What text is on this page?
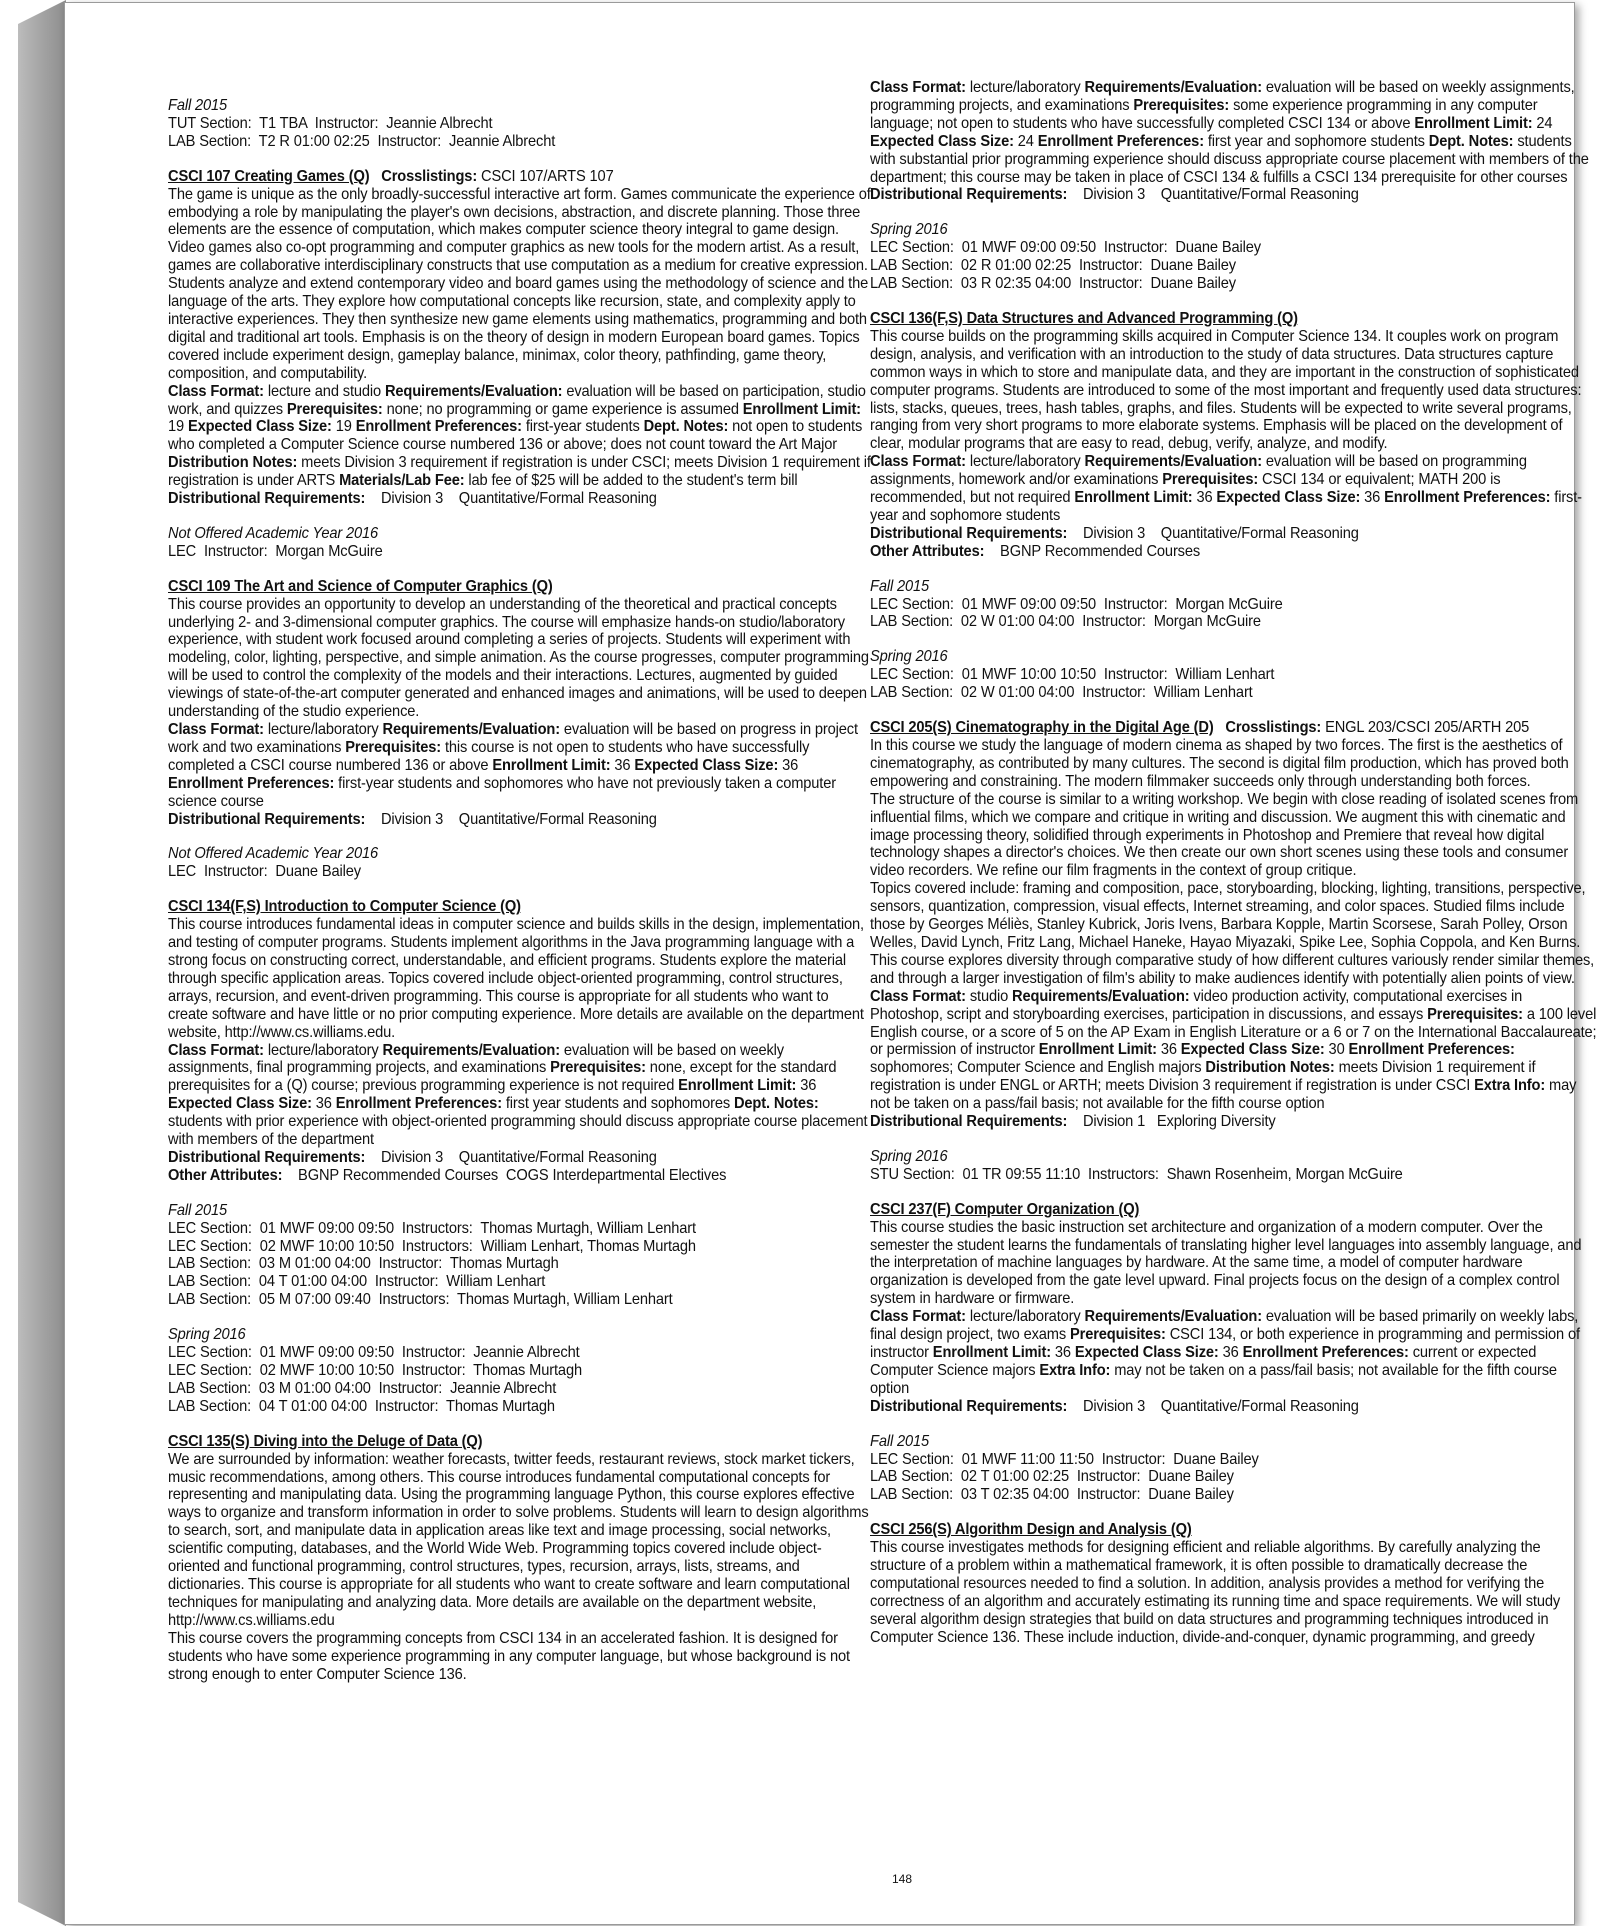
Fall 2015
TUT Section:  T1 TBA  Instructor:  Jeannie Albrecht
LAB Section:  T2 R 01:00 02:25  Instructor:  Jeannie Albrecht
CSCI 107 Creating Games (Q) Crosslistings: CSCI 107/ARTS 107

The game is unique as the only broadly-successful interactive art form. Games communicate the experience of embodying a role by manipulating the player's own decisions, abstraction, and discrete planning. Those three elements are the essence of computation, which makes computer science theory integral to game design. Video games also co-opt programming and computer graphics as new tools for the modern artist. As a result, games are collaborative interdisciplinary constructs that use computation as a medium for creative expression. Students analyze and extend contemporary video and board games using the methodology of science and the language of the arts. They explore how computational concepts like recursion, state, and complexity apply to interactive experiences. They then synthesize new game elements using mathematics, programming and both digital and traditional art tools. Emphasis is on the theory of design in modern European board games. Topics covered include experiment design, gameplay balance, minimax, color theory, pathfinding, game theory, composition, and computability.

Class Format: lecture and studio Requirements/Evaluation: evaluation will be based on participation, studio work, and quizzes Prerequisites: none; no programming or game experience is assumed Enrollment Limit: 19 Expected Class Size: 19 Enrollment Preferences: first-year students Dept. Notes: not open to students who completed a Computer Science course numbered 136 or above; does not count toward the Art Major Distribution Notes: meets Division 3 requirement if registration is under CSCI; meets Division 1 requirement if registration is under ARTS Materials/Lab Fee: lab fee of $25 will be added to the student's term bill
Distributional Requirements:    Division 3    Quantitative/Formal Reasoning
Not Offered Academic Year 2016
LEC  Instructor:  Morgan McGuire
CSCI 109 The Art and Science of Computer Graphics (Q)

This course provides an opportunity to develop an understanding of the theoretical and practical concepts underlying 2- and 3-dimensional computer graphics. The course will emphasize hands-on studio/laboratory experience, with student work focused around completing a series of projects. Students will experiment with modeling, color, lighting, perspective, and simple animation. As the course progresses, computer programming will be used to control the complexity of the models and their interactions. Lectures, augmented by guided viewings of state-of-the-art computer generated and enhanced images and animations, will be used to deepen understanding of the studio experience.

Class Format: lecture/laboratory Requirements/Evaluation: evaluation will be based on progress in project work and two examinations Prerequisites: this course is not open to students who have successfully completed a CSCI course numbered 136 or above Enrollment Limit: 36 Expected Class Size: 36 Enrollment Preferences: first-year students and sophomores who have not previously taken a computer science course
Distributional Requirements:    Division 3    Quantitative/Formal Reasoning
Not Offered Academic Year 2016
LEC  Instructor:  Duane Bailey
CSCI 134(F,S) Introduction to Computer Science (Q)

This course introduces fundamental ideas in computer science and builds skills in the design, implementation, and testing of computer programs. Students implement algorithms in the Java programming language with a strong focus on constructing correct, understandable, and efficient programs. Students explore the material through specific application areas. Topics covered include object-oriented programming, control structures, arrays, recursion, and event-driven programming. This course is appropriate for all students who want to create software and have little or no prior computing experience. More details are available on the department website, http://www.cs.williams.edu.

Class Format: lecture/laboratory Requirements/Evaluation: evaluation will be based on weekly assignments, final programming projects, and examinations Prerequisites: none, except for the standard prerequisites for a (Q) course; previous programming experience is not required Enrollment Limit: 36 Expected Class Size: 36 Enrollment Preferences: first year students and sophomores Dept. Notes: students with prior experience with object-oriented programming should discuss appropriate course placement with members of the department
Distributional Requirements:    Division 3    Quantitative/Formal Reasoning
Other Attributes:    BGNP Recommended Courses  COGS Interdepartmental Electives
Fall 2015
LEC Section:  01 MWF 09:00 09:50  Instructors:  Thomas Murtagh, William Lenhart
LEC Section:  02 MWF 10:00 10:50  Instructors:  William Lenhart, Thomas Murtagh
LAB Section:  03 M 01:00 04:00  Instructor:  Thomas Murtagh
LAB Section:  04 T 01:00 04:00  Instructor:  William Lenhart
LAB Section:  05 M 07:00 09:40  Instructors:  Thomas Murtagh, William Lenhart
Spring 2016
LEC Section:  01 MWF 09:00 09:50  Instructor:  Jeannie Albrecht
LEC Section:  02 MWF 10:00 10:50  Instructor:  Thomas Murtagh
LAB Section:  03 M 01:00 04:00  Instructor:  Jeannie Albrecht
LAB Section:  04 T 01:00 04:00  Instructor:  Thomas Murtagh
CSCI 135(S) Diving into the Deluge of Data (Q)

We are surrounded by information: weather forecasts, twitter feeds, restaurant reviews, stock market tickers, music recommendations, among others. This course introduces fundamental computational concepts for representing and manipulating data. Using the programming language Python, this course explores effective ways to organize and transform information in order to solve problems. Students will learn to design algorithms to search, sort, and manipulate data in application areas like text and image processing, social networks, scientific computing, databases, and the World Wide Web. Programming topics covered include object-oriented and functional programming, control structures, types, recursion, arrays, lists, streams, and dictionaries. This course is appropriate for all students who want to create software and learn computational techniques for manipulating and analyzing data. More details are available on the department website, http://www.cs.williams.edu

This course covers the programming concepts from CSCI 134 in an accelerated fashion. It is designed for students who have some experience programming in any computer language, but whose background is not strong enough to enter Computer Science 136.

Class Format: lecture/laboratory Requirements/Evaluation: evaluation will be based on weekly assignments, programming projects, and examinations Prerequisites: some experience programming in any computer language; not open to students who have successfully completed CSCI 134 or above Enrollment Limit: 24 Expected Class Size: 24 Enrollment Preferences: first year and sophomore students Dept. Notes: students with substantial prior programming experience should discuss appropriate course placement with members of the department; this course may be taken in place of CSCI 134 & fulfills a CSCI 134 prerequisite for other courses
Distributional Requirements:    Division 3    Quantitative/Formal Reasoning
Spring 2016
LEC Section:  01 MWF 09:00 09:50  Instructor:  Duane Bailey
LAB Section:  02 R 01:00 02:25  Instructor:  Duane Bailey
LAB Section:  03 R 02:35 04:00  Instructor:  Duane Bailey
CSCI 136(F,S) Data Structures and Advanced Programming (Q)

This course builds on the programming skills acquired in Computer Science 134. It couples work on program design, analysis, and verification with an introduction to the study of data structures. Data structures capture common ways in which to store and manipulate data, and they are important in the construction of sophisticated computer programs. Students are introduced to some of the most important and frequently used data structures: lists, stacks, queues, trees, hash tables, graphs, and files. Students will be expected to write several programs, ranging from very short programs to more elaborate systems. Emphasis will be placed on the development of clear, modular programs that are easy to read, debug, verify, analyze, and modify.

Class Format: lecture/laboratory Requirements/Evaluation: evaluation will be based on programming assignments, homework and/or examinations Prerequisites: CSCI 134 or equivalent; MATH 200 is recommended, but not required Enrollment Limit: 36 Expected Class Size: 36 Enrollment Preferences: first-year and sophomore students
Distributional Requirements:    Division 3    Quantitative/Formal Reasoning
Other Attributes:    BGNP Recommended Courses
Fall 2015
LEC Section:  01 MWF 09:00 09:50  Instructor:  Morgan McGuire
LAB Section:  02 W 01:00 04:00  Instructor:  Morgan McGuire
Spring 2016
LEC Section:  01 MWF 10:00 10:50  Instructor:  William Lenhart
LAB Section:  02 W 01:00 04:00  Instructor:  William Lenhart
CSCI 205(S) Cinematography in the Digital Age (D) Crosslistings: ENGL 203/CSCI 205/ARTH 205

In this course we study the language of modern cinema as shaped by two forces. The first is the aesthetics of cinematography, as contributed by many cultures. The second is digital film production, which has proved both empowering and constraining. The modern filmmaker succeeds only through understanding both forces.

The structure of the course is similar to a writing workshop. We begin with close reading of isolated scenes from influential films, which we compare and critique in writing and discussion. We augment this with cinematic and image processing theory, solidified through experiments in Photoshop and Premiere that reveal how digital technology shapes a director's choices. We then create our own short scenes using these tools and consumer video recorders. We refine our film fragments in the context of group critique.

Topics covered include: framing and composition, pace, storyboarding, blocking, lighting, transitions, perspective, sensors, quantization, compression, visual effects, Internet streaming, and color spaces. Studied films include those by Georges Méliès, Stanley Kubrick, Joris Ivens, Barbara Kopple, Martin Scorsese, Sarah Polley, Orson Welles, David Lynch, Fritz Lang, Michael Haneke, Hayao Miyazaki, Spike Lee, Sophia Coppola, and Ken Burns. This course explores diversity through comparative study of how different cultures variously render similar themes, and through a larger investigation of film's ability to make audiences identify with potentially alien points of view.

Class Format: studio Requirements/Evaluation: video production activity, computational exercises in Photoshop, script and storyboarding exercises, participation in discussions, and essays Prerequisites: a 100 level English course, or a score of 5 on the AP Exam in English Literature or a 6 or 7 on the International Baccalaureate; or permission of instructor Enrollment Limit: 36 Expected Class Size: 30 Enrollment Preferences: sophomores; Computer Science and English majors Distribution Notes: meets Division 1 requirement if registration is under ENGL or ARTH; meets Division 3 requirement if registration is under CSCI Extra Info: may not be taken on a pass/fail basis; not available for the fifth course option
Distributional Requirements:    Division 1   Exploring Diversity
Spring 2016
STU Section:  01 TR 09:55 11:10  Instructors:  Shawn Rosenheim, Morgan McGuire
CSCI 237(F) Computer Organization (Q)

This course studies the basic instruction set architecture and organization of a modern computer. Over the semester the student learns the fundamentals of translating higher level languages into assembly language, and the interpretation of machine languages by hardware. At the same time, a model of computer hardware organization is developed from the gate level upward. Final projects focus on the design of a complex control system in hardware or firmware.

Class Format: lecture/laboratory Requirements/Evaluation: evaluation will be based primarily on weekly labs, final design project, two exams Prerequisites: CSCI 134, or both experience in programming and permission of instructor Enrollment Limit: 36 Expected Class Size: 36 Enrollment Preferences: current or expected Computer Science majors Extra Info: may not be taken on a pass/fail basis; not available for the fifth course option
Distributional Requirements:    Division 3    Quantitative/Formal Reasoning
Fall 2015
LEC Section:  01 MWF 11:00 11:50  Instructor:  Duane Bailey
LAB Section:  02 T 01:00 02:25  Instructor:  Duane Bailey
LAB Section:  03 T 02:35 04:00  Instructor:  Duane Bailey
CSCI 256(S) Algorithm Design and Analysis (Q)

This course investigates methods for designing efficient and reliable algorithms. By carefully analyzing the structure of a problem within a mathematical framework, it is often possible to dramatically decrease the computational resources needed to find a solution. In addition, analysis provides a method for verifying the correctness of an algorithm and accurately estimating its running time and space requirements. We will study several algorithm design strategies that build on data structures and programming techniques introduced in Computer Science 136. These include induction, divide-and-conquer, dynamic programming, and greedy

148
